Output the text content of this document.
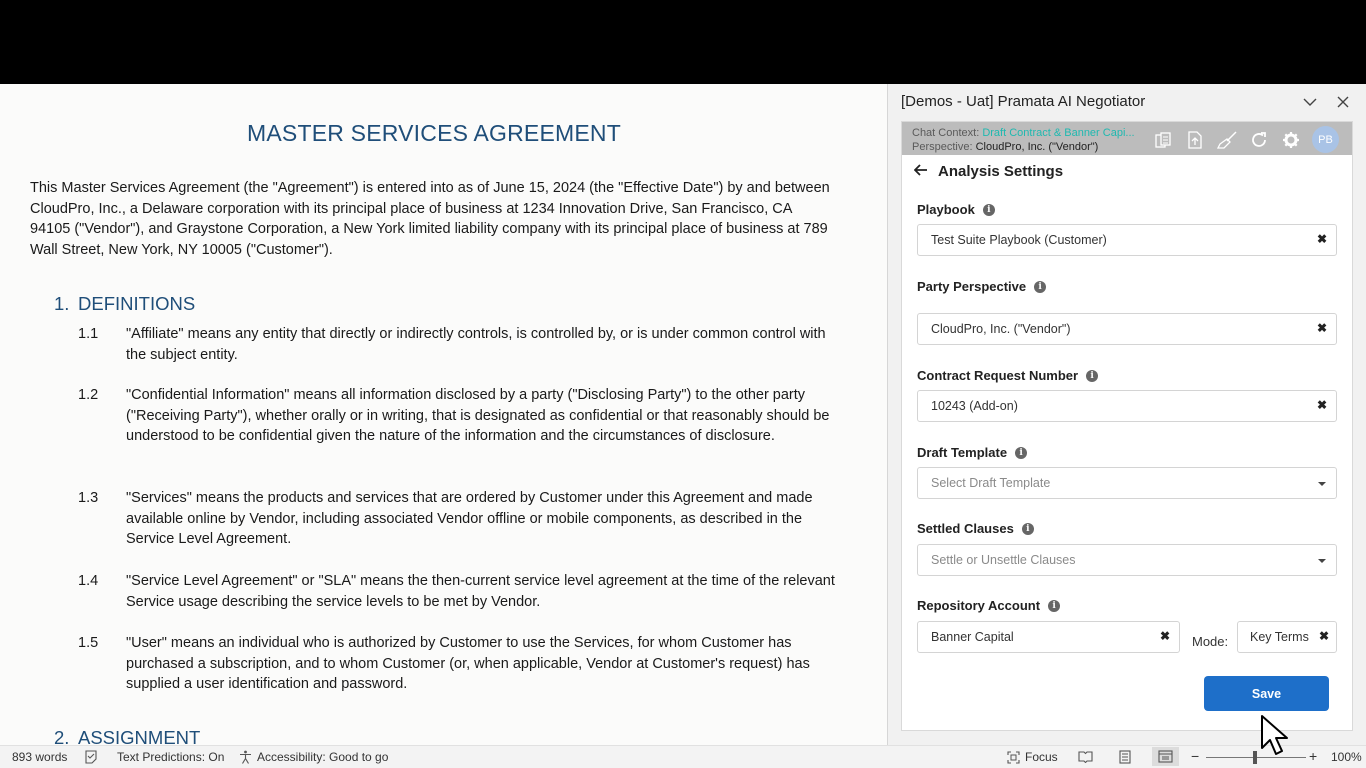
MASTER SERVICES AGREEMENT
This Master Services Agreement (the "Agreement") is entered into as of June 15, 2024 (the "Effective Date") by and between CloudPro, Inc., a Delaware corporation with its principal place of business at 1234 Innovation Drive, San Francisco, CA 94105 ("Vendor"), and Graystone Corporation, a New York limited liability company with its principal place of business at 789 Wall Street, New York, NY 10005 ("Customer").
1. DEFINITIONS
1.1	"Affiliate" means any entity that directly or indirectly controls, is controlled by, or is under common control with the subject entity.
1.2	"Confidential Information" means all information disclosed by a party ("Disclosing Party") to the other party ("Receiving Party"), whether orally or in writing, that is designated as confidential or that reasonably should be understood to be confidential given the nature of the information and the circumstances of disclosure.
1.3	"Services" means the products and services that are ordered by Customer under this Agreement and made available online by Vendor, including associated Vendor offline or mobile components, as described in the Service Level Agreement.
1.4	"Service Level Agreement" or "SLA" means the then-current service level agreement at the time of the relevant Service usage describing the service levels to be met by Vendor.
1.5	"User" means an individual who is authorized by Customer to use the Services, for whom Customer has purchased a subscription, and to whom Customer (or, when applicable, Vendor at Customer's request) has supplied a user identification and password.
2. ASSIGNMENT
[Demos - Uat] Pramata AI Negotiator
Chat Context: Draft Contract & Banner Capi...
Perspective: CloudPro, Inc. ("Vendor")
PB
Analysis Settings
Playbook	i
Test Suite Playbook (Customer)	✖
Party Perspective	i
CloudPro, Inc. ("Vendor")	✖
Contract Request Number	i
10243 (Add-on)	✖
Draft Template	i
Select Draft Template
Settled Clauses	i
Settle or Unsettle Clauses
Repository Account	i
Banner Capital	✖ Mode: Key Terms ✖
Save
893 words	Text Predictions: On	Accessibility: Good to go	Focus	−	+ 100%
